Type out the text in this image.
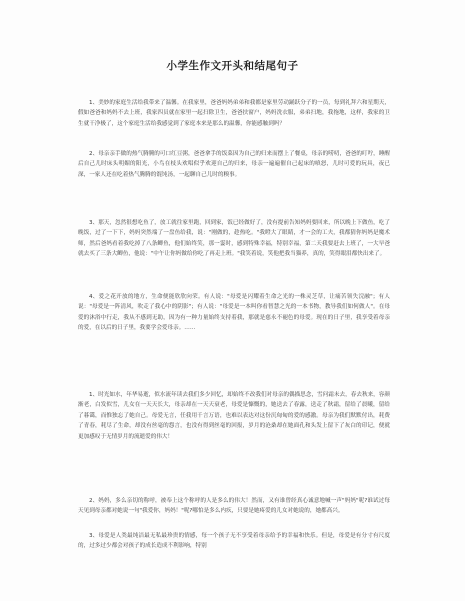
小学生作文开头和结尾句子

1、美妙的家庭生活给我带来了温馨。在我家里，爸爸妈妈弟弟和我都是家里劳动踊跃分子的一员，每到礼拜六和星期天，假如爸爸和妈妈不去上班，我家四员就在家里一起扫除卫生，爸爸扶窗户，妈妈洗衣服，弟弟扫地，我拖地，这样，我家的卫生就干净极了，这个家庭生活给我感觉到了家庭本来是那么的温馨，你能感触到吗？

2、母亲亲手做的热气腾腾的可口红豆粥，爸爸拿手的饭菜因为自己的归来而摆上了餐桌，母亲的唠叨，爸爸的叮咛，睡醒后自己儿时床头明媚的阳光，小鸟在枝头欢唱似乎欢迎自己的归来，母亲一遍遍催自己起床的嗔怒，儿时可爱的玩具，夜已深，一家人还在吃着热气腾腾的馄饨汤，一起聊自己儿时的糗事。

3、那天，忽然很想吃鱼了，放工就往家里跑，回到家，饭已经做好了，没有提前告知妈妈要回来，所以晚上下做鱼，吃了晚饭，过了一下下，妈妈突然端了一盘鱼给我，说："刚做的，趁热吃。"我瞪大了眼睛，才一会的工夫，我都猜你妈妈是魔术师，然后爸妈看着我吃掉了八条鲫鱼，他们始终笑，那一霎时，感到特殊幸福，特别幸福，第二天我要赶去上班了，一大早爸就去买了三条大鲫鱼，他说："中午让你妈做给你吃了再走上班。"我笑着说，笑他把我当猫养，真的，笑得眼泪都快出来了。

4、爱之花开放的地方，生命便能欣欣向荣。有人说："母爱是闪耀着生命之光的一株灵芝草，让痛苦领失浣融"；有人说："母爱是一阵清风，吹走了我心中的阴影"；有人说："母爱是一本叫你看智慧之光的一本书物，教导我们如何做人"。在母爱的沐浴中行走，我从不感到无助，因为有一种力量始终支持着我，那就是慈永不褪色的母爱。现在的日子里，我享受着母亲的爱，在以后的日子里，我要学会爱母亲。……

1、时光如水，年华易逝，似水流年读去我们多少回忆，却始终不改我们对母亲的偶描思念，雪问霜未去，春去秋来，容颜渐老，白发似雪，儿女在一天天长大，母亲却在一天天衰老，母爱是慷慨的，她送去了春露，送走了秋霜，留给了晨曦，留给了暮霭，而惟独忘了她自己。母爱无言，任我用千言万语，也难以表达对这份沉甸甸的爱的感激。母亲为我们默默付出，耗费了青春，耗尽了生命，却没有丝毫的怨言，也没有得到丝毫的回报，岁月的沧桑却在她面孔和头发上留下了灰白的印记，便就更加感叹于无情岁月的流逝爱的伟大！

2、妈妈，多么亲切的称呼，被奉上这个称呼的人是多么的伟大！然而，又有谁曾经真心诚意地喊一声"妈妈"呢?谁试过每天见到母亲都对她说一句"我爱你，妈妈！"呢?哪怕是多么内疚，只要是她疼爱的儿女对她说的，她都高兴。

3、母爱是人类最纯洁最无私最珍贵的情感，每一个孩子无不享受着母亲给予的幸福和快乐。但是，母爱是有分寸有尺度的，过多过少都会对孩子的成长造成不利影响，特别
